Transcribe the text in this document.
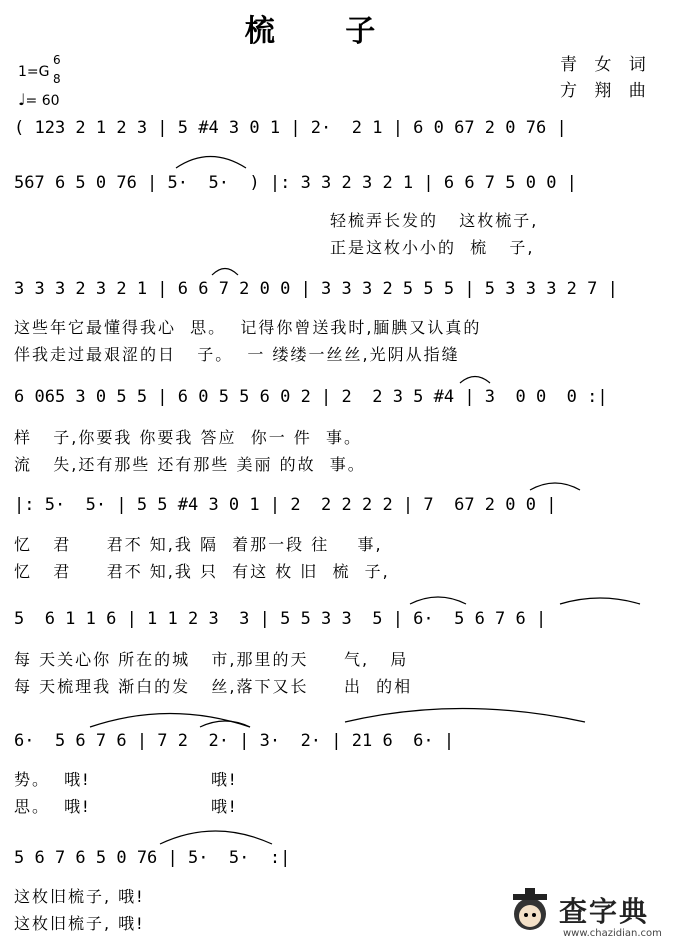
梳 子
1=G
6
8
♩= 60
青 女 词
方 翔 曲
( 123 2 1 2 3 | 5 #4 3 0 1 | 2·  2 1 | 6 0 67 2 0 76 |
567 6 5 0 76 | 5·  5·  ) |: 3 3 2 3 2 1 | 6 6 7 5 0 0 |
轻梳弄长发的   这枚梳子,
正是这枚小小的  梳   子,
3 3 3 2 3 2 1 | 6 6 7 2 0 0 | 3 3 3 2 5 5 5 | 5 3 3 3 2 7 |
这些年它最懂得我心  思。  记得你曾送我时,腼腆又认真的
伴我走过最艰涩的日   子。  一 缕缕一丝丝,光阴从指缝
6 065 3 0 5 5 | 6 0 5 5 6 0 2 | 2  2 3 5 #4 | 3  0 0  0 :|
样   子,你要我 你要我 答应  你一 件  事。
流   失,还有那些 还有那些 美丽 的故  事。
|: 5·  5· | 5 5 #4 3 0 1 | 2  2 2 2 2 | 7  67 2 0 0 |
忆   君     君不 知,我 隔  着那一段 往    事,
忆   君     君不 知,我 只  有这 枚 旧  梳  子,
5  6 1 1 6 | 1 1 2 3  3 | 5 5 3 3  5 | 6·  5 6 7 6 |
每 天关心你 所在的城   市,那里的天     气,   局
每 天梳理我 渐白的发   丝,落下又长     出  的相
6·  5 6 7 6 | 7 2  2· | 3·  2· | 21 6  6· |
势。  哦!                 哦!
思。  哦!                 哦!
5 6 7 6 5 0 76 | 5·  5·  :|
这枚旧梳子, 哦!
这枚旧梳子, 哦!	查字典
www.chazidian.com
